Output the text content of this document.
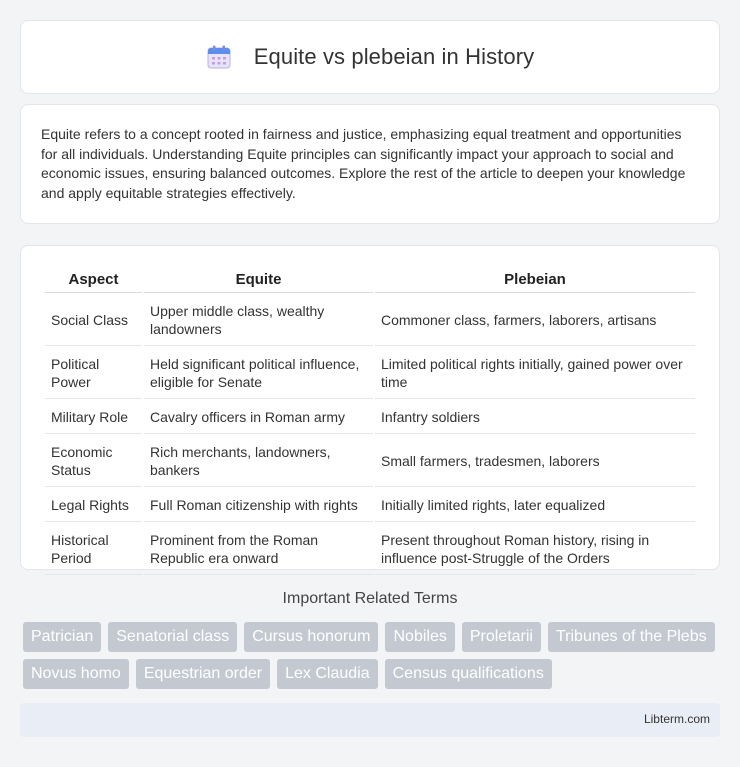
Equite vs plebeian in History

Equite refers to a concept rooted in fairness and justice, emphasizing equal treatment and opportunities for all individuals. Understanding Equite principles can significantly impact your approach to social and economic issues, ensuring balanced outcomes. Explore the rest of the article to deepen your knowledge and apply equitable strategies effectively.

Aspect	Equite	Plebeian
Social Class	Upper middle class, wealthy landowners	Commoner class, farmers, laborers, artisans
Political Power	Held significant political influence, eligible for Senate	Limited political rights initially, gained power over time
Military Role	Cavalry officers in Roman army	Infantry soldiers
Economic Status	Rich merchants, landowners, bankers	Small farmers, tradesmen, laborers
Legal Rights	Full Roman citizenship with rights	Initially limited rights, later equalized
Historical Period	Prominent from the Roman Republic era onward	Present throughout Roman history, rising in influence post-Struggle of the Orders
Important Related Terms
Patrician	Senatorial class	Cursus honorum	Nobiles	Proletarii	Tribunes of the Plebs
Novus homo	Equestrian order	Lex Claudia	Census qualifications
Libterm.com
